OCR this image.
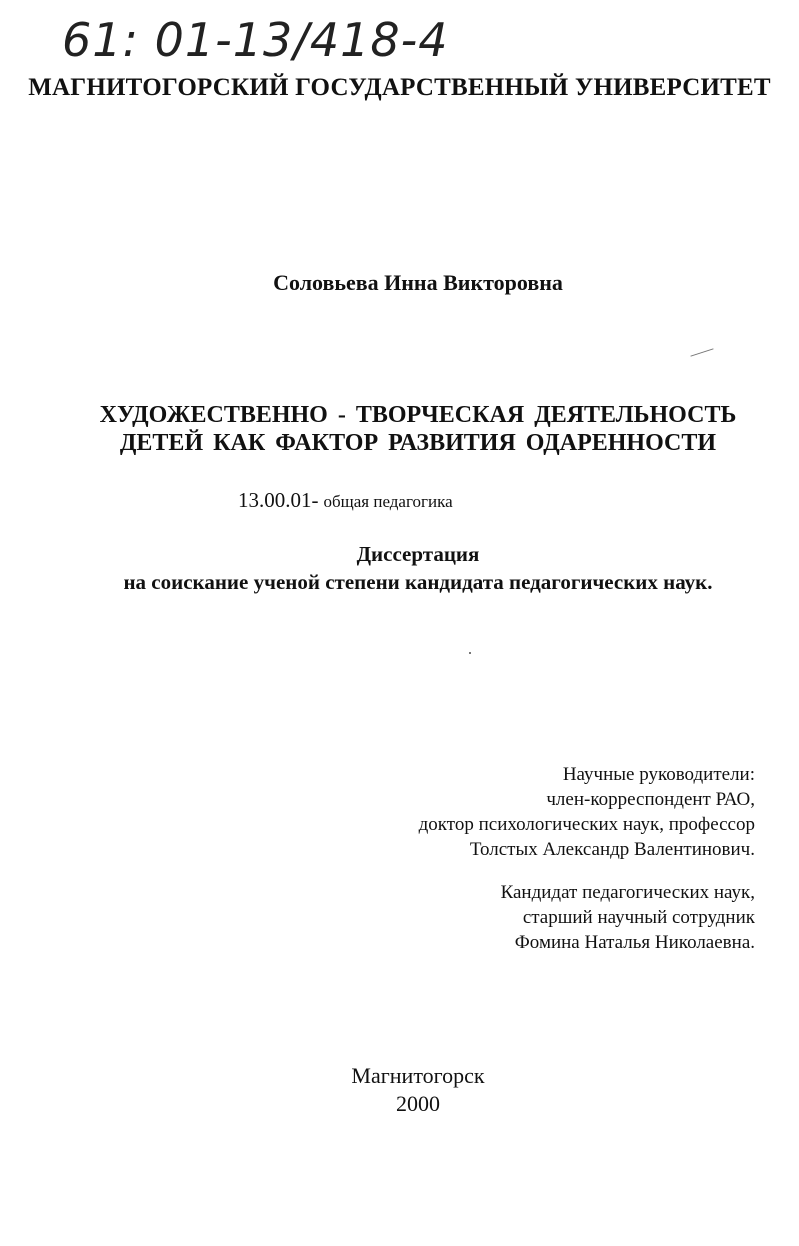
61: 01-13/418-4
МАГНИТОГОРСКИЙ ГОСУДАРСТВЕННЫЙ УНИВЕРСИТЕТ
Соловьева Инна Викторовна
ХУДОЖЕСТВЕННО - ТВОРЧЕСКАЯ ДЕЯТЕЛЬНОСТЬ
ДЕТЕЙ КАК ФАКТОР РАЗВИТИЯ ОДАРЕННОСТИ
13.00.01- общая педагогика
Диссертация
на соискание ученой степени кандидата педагогических наук.
Научные руководители:
член-корреспондент РАО,
доктор психологических наук, профессор
Толстых Александр Валентинович.
Кандидат педагогических наук,
старший научный сотрудник
Фомина Наталья Николаевна.
Магнитогорск
2000
